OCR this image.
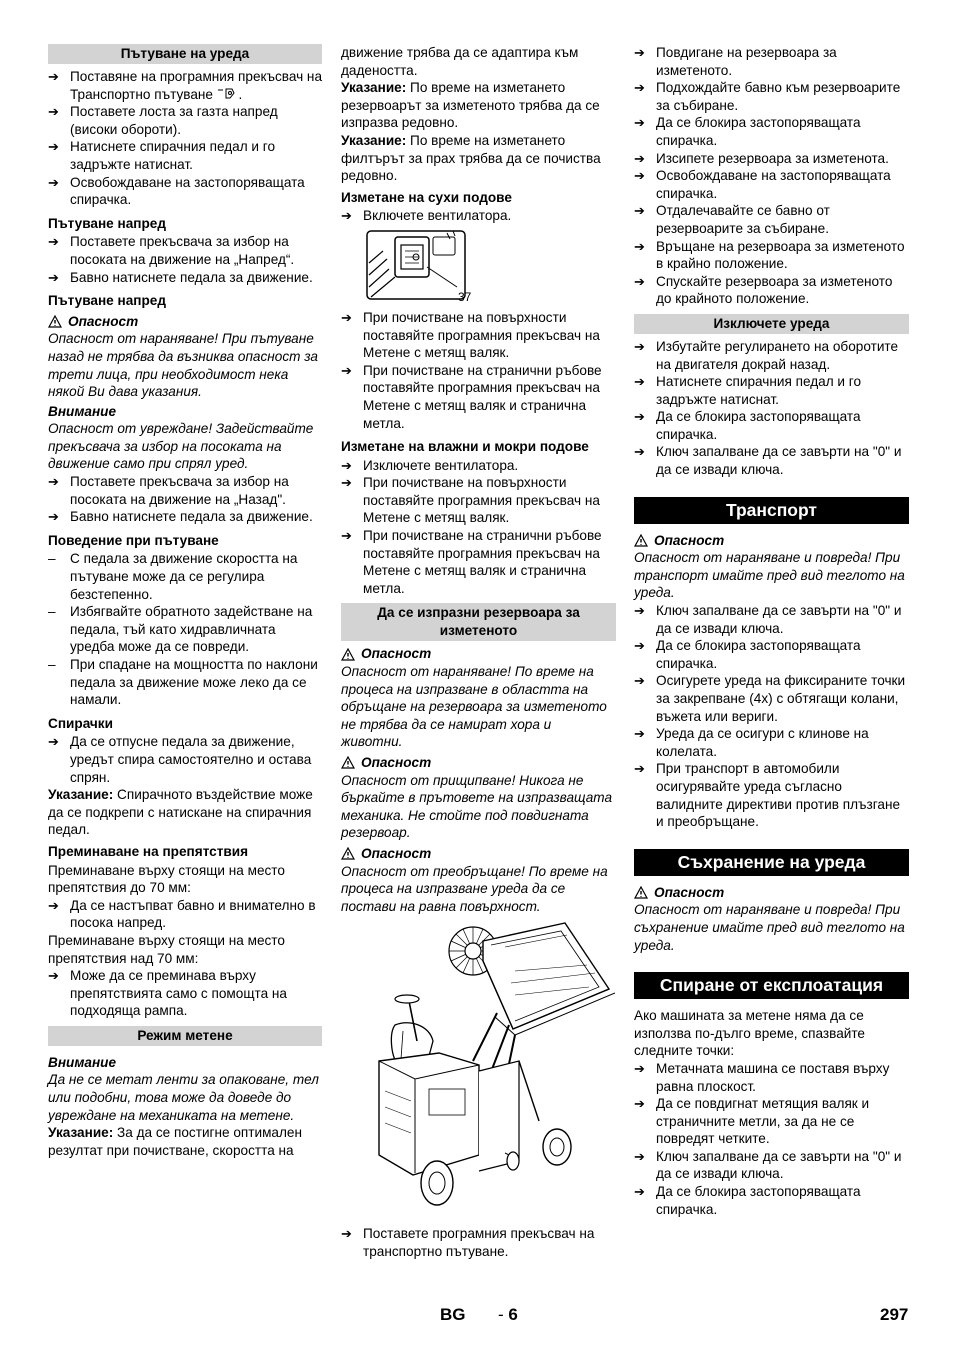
Пътуване на уреда
➔ Поставяне на програмния прекъсвач на Транспортно пътуване  .
➔ Поставете лоста за газта напред (високи обороти).
➔ Натиснете спирачния педал и го задръжте натиснат.
➔ Освобождаване на застопоряващата спирачка.
Пътуване напред
➔ Поставете прекъсвача за избор на посоката на движение на „Напред“.
➔ Бавно натиснете педала за движение.
Пътуване напред
Опасност

Опасност от нараняване! При пътуване назад не трябва да възниква опасност за трети лица, при необходимост нека някой Ви дава указания.

Внимание

Опасност от увреждане! Задействайте прекъсвача за избор на посоката на движение само при спрял уред.

➔ Поставете прекъсвача за избор на посоката на движение на „Назад".
➔ Бавно натиснете педала за движение.
Поведение при пътуване
–	С педала за движение скоростта на пътуване може да се регулира безстепенно.
–	Избягвайте обратното задействане на педала, тъй като хидравличната уредба може да се повреди.
–	При спадане на мощността по наклони педала за движение може леко да се намали.
Спирачки
➔ Да се отпусне педала за движение, уредът спира самостоятелно и остава спрян.

Указание: Спирачното въздействие може да се подкрепи с натискане на спирачния педал.

Преминаване на препятствия

Преминаване върху стоящи на место препятствия до 70 мм:

➔ Да се настъпват бавно и внимателно в посока напред.

Преминаване върху стоящи на место препятствия над 70 мм:

➔ Може да се преминава върху препятствията само с помощта на подходяща рампа.
Режим метене

Внимание

Да не се метат ленти за опаковане, тел или подобни, това може да доведе до увреждане на механиката на метене.

Указание: За да се постигне оптимален резултат при почистване, скоростта на

движение трябва да се адаптира към дадеността.

Указание: По време на изметането резервоарът за изметеното трябва да се изпразва редовно.

Указание: По време на изметането филтърът за прах трябва да се почиства редовно.

Изметане на сухи подове
➔ Включете вентилатора.
37
➔ При почистване на повърхности поставяйте програмния прекъсвач на Метене с метящ валяк.
➔ При почистване на странични ръбове поставяйте програмния прекъсвач на Метене с метящ валяк и странична метла.
Изметане на влажни и мокри подове
➔ Изключете вентилатора.
➔ При почистване на повърхности поставяйте програмния прекъсвач на Метене с метящ валяк.
➔ При почистване на странични ръбове поставяйте програмния прекъсвач на Метене с метящ валяк и странична метла.
Да се изпразни резервоара за изметеното
Опасност

Опасност от нараняване! По време на процеса на изпразване в областта на обръщане на резервоара за изметеното не трябва да се намират хора и животни.

Опасност

Опасност от прищипване! Никога не бъркайте в прътовете на изпразващата механика. Не стойте под повдигната резервоар.

Опасност

Опасност от преобръщане! По време на процеса на изпразване уреда да се постави на равна повърхност.

➔ Поставете програмния прекъсвач на транспортно пътуване.
➔ Повдигане на резервоара за изметеното.
➔ Подхождайте бавно към резервоарите за събиране.
➔ Да се блокира застопоряващата спирачка.
➔ Изсипете резервоара за изметенота.
➔ Освобождаване на застопоряващата спирачка.
➔ Отдалечавайте се бавно от резервоарите за събиране.
➔ Връщане на резервоара за изметеното в крайно положение.
➔ Спускайте резервоара за изметеното до крайното положение.
Изключете уреда
➔ Избутайте регулирането на оборотите на двигателя докрай назад.
➔ Натиснете спирачния педал и го задръжте натиснат.
➔ Да се блокира застопоряващата спирачка.
➔ Ключ запалване да се завърти на "0" и да се извади ключа.
Транспорт
Опасност

Опасност от нараняване и повреда! При транспорт имайте пред вид теглото на уреда.

➔ Ключ запалване да се завърти на "0" и да се извади ключа.
➔ Да се блокира застопоряващата спирачка.
➔ Осигурете уреда на фиксираните точки за закрепване (4х) с обтягащи колани, въжета или вериги.
➔ Уреда да се осигури с клинове на колелата.
➔ При транспорт в автомобили осигурявайте уреда съгласно валидните директиви против плъзгане и преобръщане.
Съхранение на уреда
Опасност

Опасност от нараняване и повреда! При съхранение имайте пред вид теглото на уреда.

Спиране от експлоатация

Ако машината за метене няма да се използва по-дълго време, спазвайте следните точки:

➔ Метачната машина се поставя върху равна плоскост.
➔ Да се повдигнат метящия валяк и страничните метли, за да не се повредят четките.
➔ Ключ запалване да се завърти на "0" и да се извади ключа.
➔ Да се блокира застопоряващата спирачка.
BG - 6	297
